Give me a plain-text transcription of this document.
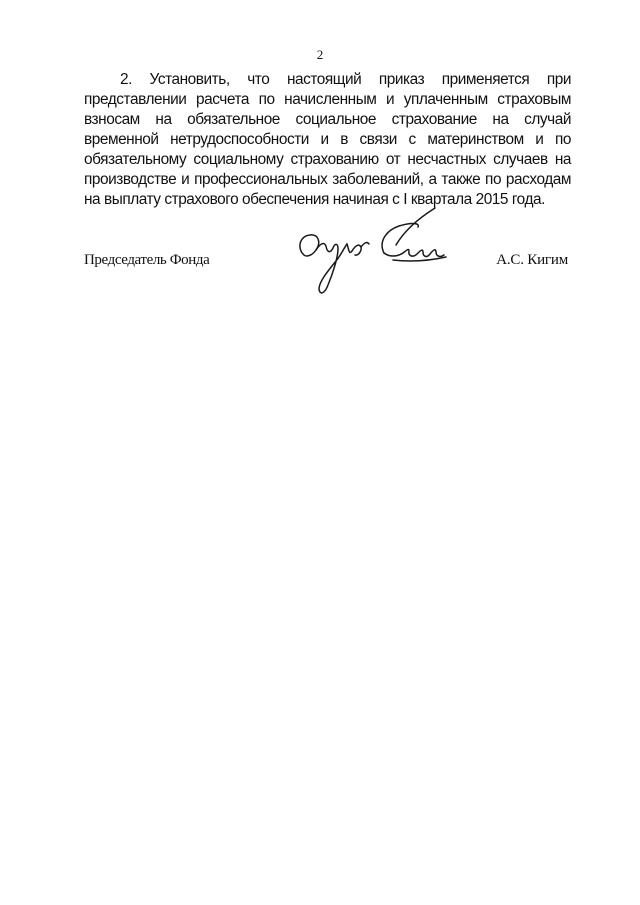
2

2. Установить, что настоящий приказ применяется при представлении расчета по начисленным и уплаченным страховым взносам на обязательное социальное страхование на случай временной нетрудоспособности и в связи с материнством и по обязательному социальному страхованию от несчастных случаев на производстве и профессиональных заболеваний, а также по расходам на выплату страхового обеспечения начиная с I квартала 2015 года.

Председатель Фонда	А.С. Кигим
